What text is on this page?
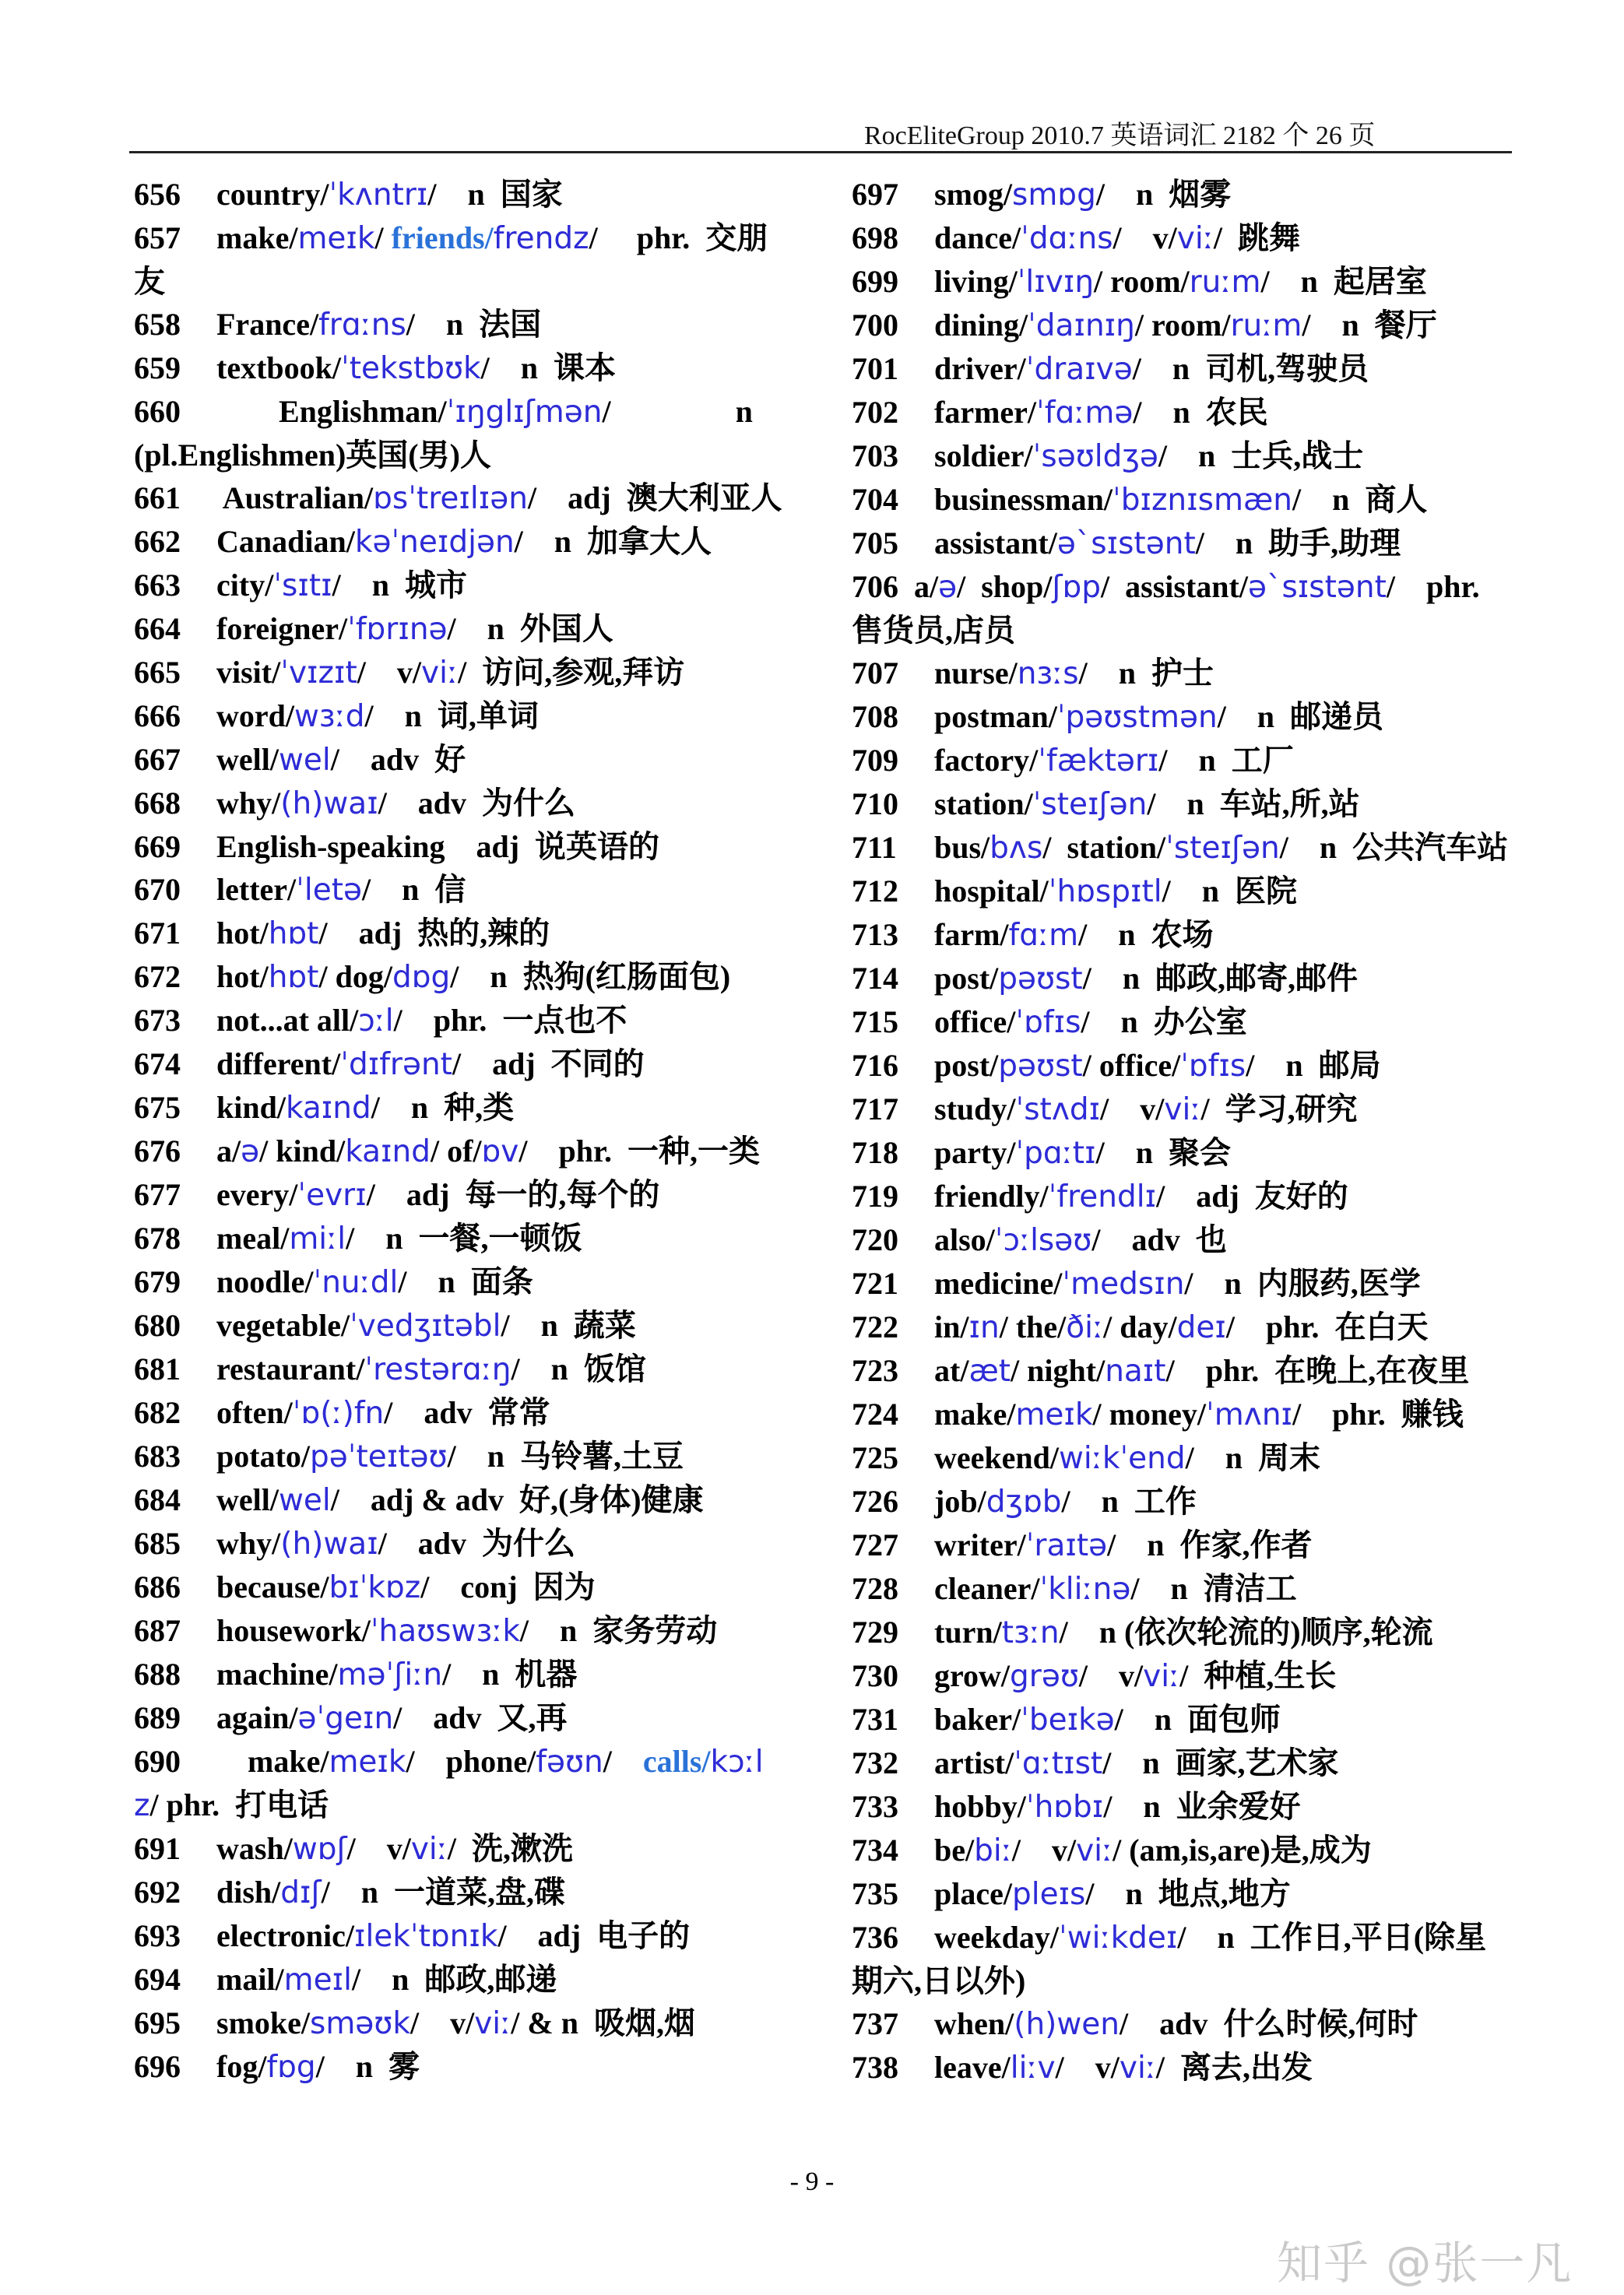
RocEliteGroup 2010.7 英语词汇 2182 个 26 页
656 country/ˈkʌntrɪ/    n  国家
657 make/meɪk/ friends/frendz/     phr.  交朋友
658 France/frɑːns/    n  法国
659 textbook/ˈtekstbʊk/    n  课本
660        Englishman/ˈɪŋglɪʃmən/                n (pl.Englishmen)英国(男)人
661 Australian/ɒsˈtreɪlɪən/    adj  澳大利亚人
662 Canadian/kəˈneɪdjən/    n  加拿大人
663 city/ˈsɪtɪ/    n  城市
664 foreigner/ˈfɒrɪnə/    n  外国人
665 visit/ˈvɪzɪt/    v/viː/  访问,参观,拜访
666 word/wɜːd/    n  词,单词
667 well/wel/    adv  好
668 why/(h)waɪ/    adv  为什么
669 English-speaking    adj  说英语的
670 letter/ˈletə/    n  信
671 hot/hɒt/    adj  热的,辣的
672 hot/hɒt/ dog/dɒg/    n  热狗(红肠面包)
673 not...at all/ɔːl/    phr.  一点也不
674 different/ˈdɪfrənt/    adj  不同的
675 kind/kaɪnd/    n  种,类
676 a/ə/ kind/kaɪnd/ of/ɒv/    phr.  一种,一类
677 every/ˈevrɪ/    adj  每一的,每个的
678 meal/miːl/    n  一餐,一顿饭
679 noodle/ˈnuːdl/    n  面条
680 vegetable/ˈvedʒɪtəbl/    n  蔬菜
681 restaurant/ˈrestərɑːŋ/    n  饭馆
682 often/ˈɒ(ː)fn/    adv  常常
683 potato/pəˈteɪtəʊ/    n  马铃薯,土豆
684 well/wel/    adj & adv  好,(身体)健康
685 why/(h)waɪ/    adv  为什么
686 because/bɪˈkɒz/    conj  因为
687 housework/ˈhaʊswɜːk/    n  家务劳动
688 machine/məˈʃiːn/    n  机器
689 again/əˈgeɪn/    adv  又,再
690    make/meɪk/    phone/fəʊn/    calls/kɔːlz/ phr.  打电话
691 wash/wɒʃ/    v/viː/  洗,漱洗
692 dish/dɪʃ/    n  一道菜,盘,碟
693 electronic/ɪlekˈtɒnɪk/    adj  电子的
694 mail/meɪl/    n  邮政,邮递
695 smoke/sməʊk/    v/viː/ & n  吸烟,烟
696 fog/fɒg/    n  雾
697 smog/smɒg/    n  烟雾
698 dance/ˈdɑːns/    v/viː/  跳舞
699 living/ˈlɪvɪŋ/ room/ruːm/    n  起居室
700 dining/ˈdaɪnɪŋ/ room/ruːm/    n  餐厅
701 driver/ˈdraɪvə/    n  司机,驾驶员
702 farmer/ˈfɑːmə/    n  农民
703 soldier/ˈsəʊldʒə/    n  士兵,战士
704 businessman/ˈbɪznɪsmæn/    n  商人
705 assistant/əˋsɪstənt/    n  助手,助理
706  a/ə/  shop/ʃɒp/  assistant/əˋsɪstənt/    phr.  售货员,店员
707 nurse/nɜːs/    n  护士
708 postman/ˈpəʊstmən/    n  邮递员
709 factory/ˈfæktərɪ/    n  工厂
710 station/ˈsteɪʃən/    n  车站,所,站
711 bus/bʌs/  station/ˈsteɪʃən/    n  公共汽车站
712 hospital/ˈhɒspɪtl/    n  医院
713 farm/fɑːm/    n  农场
714 post/pəʊst/    n  邮政,邮寄,邮件
715 office/ˈɒfɪs/    n  办公室
716 post/pəʊst/ office/ˈɒfɪs/    n  邮局
717 study/ˈstʌdɪ/    v/viː/  学习,研究
718 party/ˈpɑːtɪ/    n  聚会
719 friendly/ˈfrendlɪ/    adj  友好的
720 also/ˈɔːlsəʊ/    adv  也
721 medicine/ˈmedsɪn/    n  内服药,医学
722 in/ɪn/ the/ðiː/ day/deɪ/    phr.  在白天
723 at/æt/ night/naɪt/    phr.  在晚上,在夜里
724 make/meɪk/ money/ˈmʌnɪ/    phr.  赚钱
725 weekend/wiːkˈend/    n  周末
726 job/dʒɒb/    n  工作
727 writer/ˈraɪtə/    n  作家,作者
728 cleaner/ˈkliːnə/    n  清洁工
729 turn/tɜːn/    n (依次轮流的)顺序,轮流
730 grow/grəʊ/    v/viː/  种植,生长
731 baker/ˈbeɪkə/    n  面包师
732 artist/ˈɑːtɪst/    n  画家,艺术家
733 hobby/ˈhɒbɪ/    n  业余爱好
734 be/biː/    v/viː/ (am,is,are)是,成为
735 place/pleɪs/    n  地点,地方
736 weekday/ˈwiːkdeɪ/    n  工作日,平日(除星期六,日以外)
737 when/(h)wen/    adv  什么时候,何时
738 leave/liːv/    v/viː/  离去,出发
- 9 -
知乎 @张一凡
